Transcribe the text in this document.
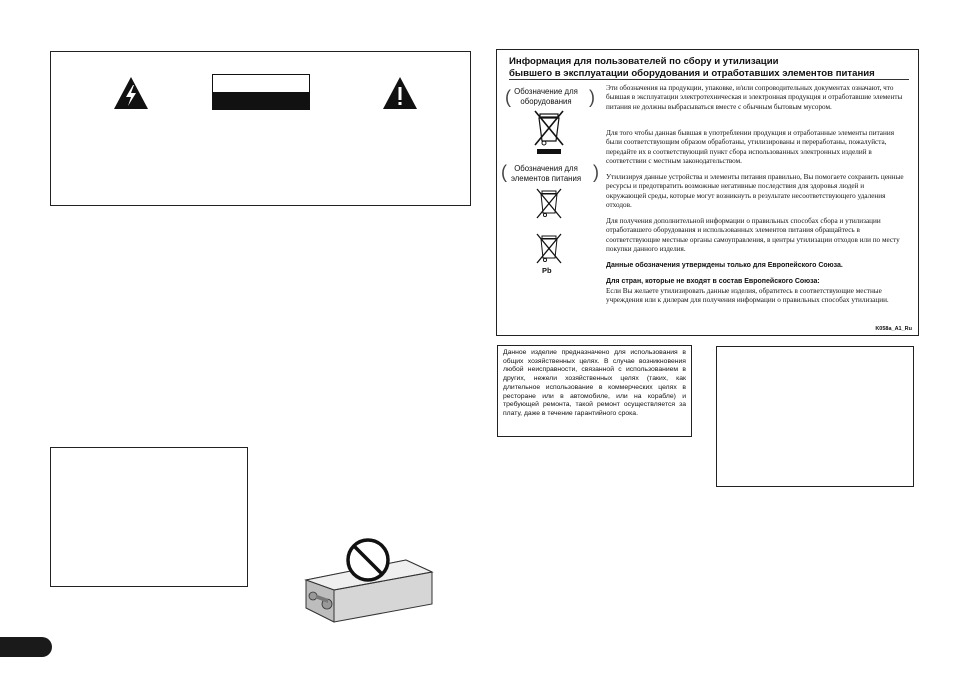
Информация для пользователей по сбору и утилизации
бывшего в эксплуатации оборудования и отработавших элементов питания
(	)
Обозначение для оборудования
(	)
Обозначения для элементов питания
Pb
Эти обозначения на продукции, упаковке, и/или сопроводительных документах означают, что бывшая в эксплуатации электротехническая и электронная продукция и отработавшие элементы питания не должны выбрасываться вместе с обычным бытовым мусором.
Для того чтобы данная бывшая в употреблении продукция и отработанные элементы питания были соответствующим образом обработаны, утилизированы и переработаны, пожалуйста, передайте их в соответствующий пункт сбора использованных электронных изделий в соответствии с местным законодательством.
Утилизируя данные устройства и элементы питания правильно, Вы помогаете сохранить ценные ресурсы и предотвратить возможные негативные последствия для здоровья людей и окружающей среды, которые могут возникнуть в результате несоответствующего удаления отходов.
Для получения дополнительной информации о правильных способах сбора и утилизации отработавшего оборудования и использованных элементов питания обращайтесь в соответствующие местные органы самоуправления, в центры утилизации отходов или по месту покупки данного изделия.
Данные обозначения утверждены только для Европейского Союза.
Для стран, которые не входят в состав Европейского Союза:
Если Вы желаете утилизировать данные изделия, обратитесь в соответствующие местные учреждения или к дилерам для получения информации о правильных способах утилизации.
K058a_A1_Ru
Данное изделие предназначено для использования в общих хозяйственных целях. В случае возникновения любой неисправности, связанной с использованием в других, нежели хозяйственных целях (таких, как длительное использование в коммерческих целях в ресторане или в автомобиле, или на корабле) и требующей ремонта, такой ремонт осуществляется за плату, даже в течение гарантийного срока.
